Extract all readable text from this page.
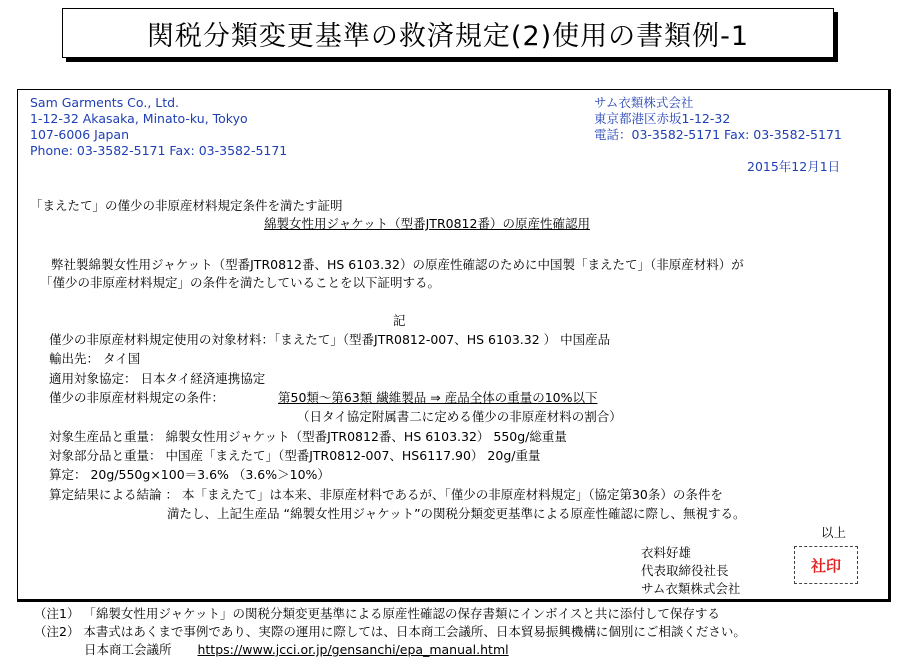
関税分類変更基準の救済規定(2)使用の書類例-1
Sam Garments Co., Ltd.
1-12-32 Akasaka, Minato-ku, Tokyo
107-6006 Japan
Phone: 03-3582-5171 Fax: 03-3582-5171
サム衣類株式会社
東京都港区赤坂1-12-32
電話：03-3582-5171 Fax: 03-3582-5171
2015年12月1日
「まえたて」の僅少の非原産材料規定条件を満たす証明
綿製女性用ジャケット（型番JTR0812番）の原産性確認用
弊社製綿製女性用ジャケット（型番JTR0812番、HS 6103.32）の原産性確認のために中国製「まえたて」（非原産材料）が
「僅少の非原産材料規定」の条件を満たしていることを以下証明する。
記
僅少の非原産材料規定使用の対象材料：「まえたて」（型番JTR0812-007、HS 6103.32 ） 中国産品
輸出先： タイ国
適用対象協定： 日本タイ経済連携協定
僅少の非原産材料規定の条件：	第50類～第63類 繊維製品 ⇒ 産品全体の重量の10%以下
（日タイ協定附属書二に定める僅少の非原産材料の割合）
対象生産品と重量： 綿製女性用ジャケット（型番JTR0812番、HS 6103.32） 550g/総重量
対象部分品と重量： 中国産「まえたて」（型番JTR0812-007、HS6117.90） 20g/重量
算定： 20g/550g×100＝3.6% （3.6%＞10%）
算定結果による結論 ： 本「まえたて」は本来、非原産材料であるが、「僅少の非原産材料規定」（協定第30条）の条件を
満たし、上記生産品 “綿製女性用ジャケット”の関税分類変更基準による原産性確認に際し、無視する。
以上
衣料好雄
代表取締役社長
サム衣類株式会社
社印
（注1） 「綿製女性用ジャケット」の関税分類変更基準による原産性確認の保存書類にインボイスと共に添付して保存する
（注2） 本書式はあくまで事例であり、実際の運用に際しては、日本商工会議所、日本貿易振興機構に個別にご相談ください。
日本商工会議所 https://www.jcci.or.jp/gensanchi/epa_manual.html
